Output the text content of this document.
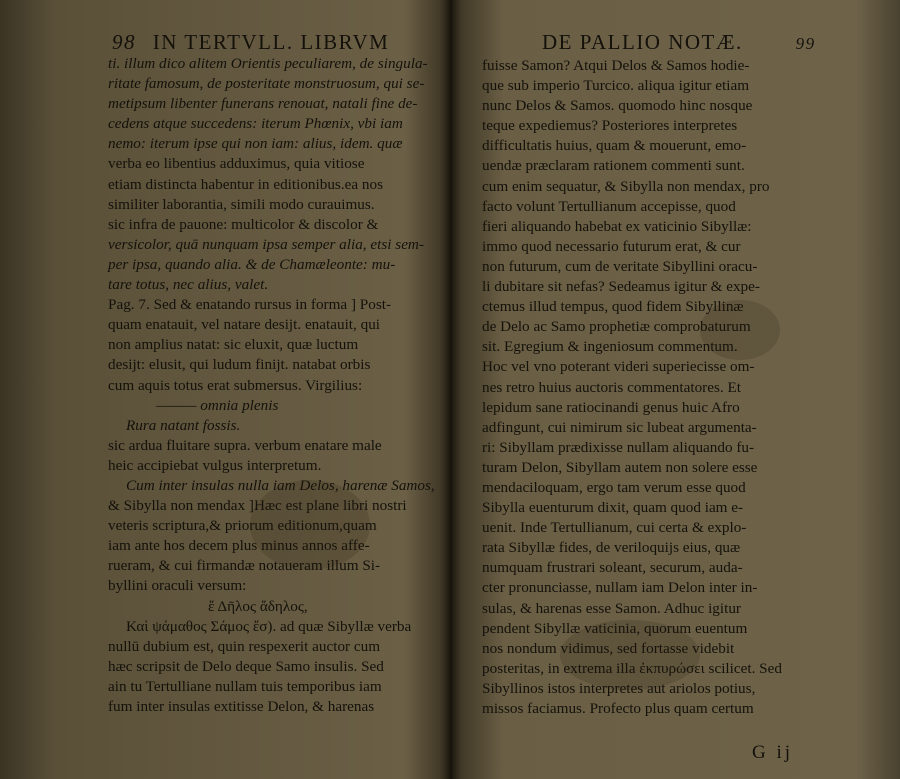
98 IN TERTVLL. LIBRVM
ti. illum dico alitem Orientis peculiarem, de singula-
ritate famosum, de posteritate monstruosum, qui se-
metipsum libenter funerans renouat, natali fine de-
cedens atque succedens: iterum Phœnix, vbi iam
nemo: iterum ipse qui non iam: alius, idem. quæ
verba eo libentius adduximus, quia vitiose
etiam distincta habentur in editionibus.ea nos
similiter laborantia, simili modo curauimus.
sic infra de pauone: multicolor & discolor &
versicolor, quā nunquam ipsa semper alia, etsi sem-
per ipsa, quando alia. & de Chamæleonte: mu-
tare totus, nec alius, valet.
Pag. 7. Sed & enatando rursus in forma ] Post-
quam enatauit, vel natare desijt. enatauit, qui
non amplius natat: sic eluxit, quæ luctum
desijt: elusit, qui ludum finijt. natabat orbis
cum aquis totus erat submersus. Virgilius:
——— omnia plenis
Rura natant fossis.
sic ardua fluitare supra. verbum enatare male
heic accipiebat vulgus interpretum.
Cum inter insulas nulla iam Delos, harenæ Samos,
& Sibylla non mendax ]Hæc est plane libri nostri
veteris scriptura,& priorum editionum,quam
iam ante hos decem plus minus annos affe-
rueram, & cui firmandæ notaueram illum Si-
byllini oraculi versum:
ἔ Δῆλος ἄδηλος,
Καὶ ψάμαθος Σάμος ἔσ). ad quæ Sibyllæ verba
nullū dubium est, quin respexerit auctor cum
hæc scripsit de Delo deque Samo insulis. Sed
ain tu Tertulliane nullam tuis temporibus iam
fum inter insulas extitisse Delon, & harenas
DE PALLIO NOTÆ.	99
fuisse Samon? Atqui Delos & Samos hodie-
que sub imperio Turcico. aliqua igitur etiam
nunc Delos & Samos. quomodo hinc nosque
teque expediemus? Posteriores interpretes
difficultatis huius, quam & mouerunt, emo-
uendæ præclaram rationem commenti sunt.
cum enim sequatur, & Sibylla non mendax, pro
facto volunt Tertullianum accepisse, quod
fieri aliquando habebat ex vaticinio Sibyllæ:
immo quod necessario futurum erat, & cur
non futurum, cum de veritate Sibyllini oracu-
li dubitare sit nefas? Sedeamus igitur & expe-
ctemus illud tempus, quod fidem Sibyllinæ
de Delo ac Samo prophetiæ comprobaturum
sit. Egregium & ingeniosum commentum.
Hoc vel vno poterant videri superiecisse om-
nes retro huius auctoris commentatores. Et
lepidum sane ratiocinandi genus huic Afro
adfingunt, cui nimirum sic lubeat argumenta-
ri: Sibyllam prædixisse nullam aliquando fu-
turam Delon, Sibyllam autem non solere esse
mendaciloquam, ergo tam verum esse quod
Sibylla euenturum dixit, quam quod iam e-
uenit. Inde Tertullianum, cui certa & explo-
rata Sibyllæ fides, de veriloquijs eius, quæ
numquam frustrari soleant, securum, auda-
cter pronunciasse, nullam iam Delon inter in-
sulas, & harenas esse Samon. Adhuc igitur
pendent Sibyllæ vaticinia, quorum euentum
nos nondum vidimus, sed fortasse videbit
posteritas, in extrema illa ἐκπυρώσει scilicet. Sed
Sibyllinos istos interpretes aut ariolos potius,
missos faciamus. Profecto plus quam certum
G ij
